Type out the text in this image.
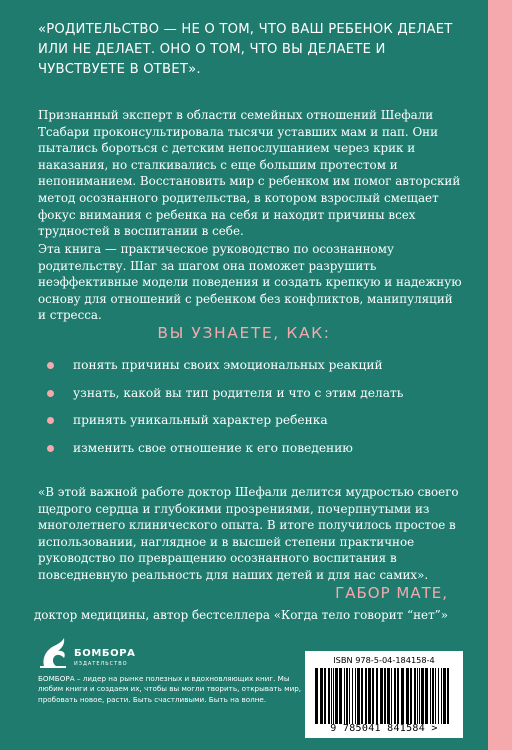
«РОДИТЕЛЬСТВО — НЕ О ТОМ, ЧТО ВАШ РЕБЕНОК ДЕЛАЕТ ИЛИ НЕ ДЕЛАЕТ. ОНО О ТОМ, ЧТО ВЫ ДЕЛАЕТЕ И ЧУВСТВУЕТЕ В ОТВЕТ».
Признанный эксперт в области семейных отношений Шефали Тсабари проконсультировала тысячи уставших мам и пап. Они пытались бороться с детским непослушанием через крик и наказания, но сталкивались с еще большим протестом и непониманием. Восстановить мир с ребенком им помог авторский метод осознанного родительства, в котором взрослый смещает фокус внимания с ребенка на себя и находит причины всех трудностей в воспитании в себе.
Эта книга — практическое руководство по осознанному родительству. Шаг за шагом она поможет разрушить неэффективные модели поведения и создать крепкую и надежную основу для отношений с ребенком без конфликтов, манипуляций и стресса.
ВЫ УЗНАЕТЕ, КАК:
понять причины своих эмоциональных реакций
узнать, какой вы тип родителя и что с этим делать
принять уникальный характер ребенка
изменить свое отношение к его поведению
«В этой важной работе доктор Шефали делится мудростью своего щедрого сердца и глубокими прозрениями, почерпнутыми из многолетнего клинического опыта. В итоге получилось простое в использовании, наглядное и в высшей степени практичное руководство по превращению осознанного воспитания в повседневную реальность для наших детей и для нас самих».
ГАБОР МАТЕ,
доктор медицины, автор бестселлера «Когда тело говорит “нет”»
БОМБОРА
ИЗДАТЕЛЬСТВО
БОМБОРА – лидер на рынке полезных и вдохновляющих книг. Мы любим книги и создаем их, чтобы вы могли творить, открывать мир, пробовать новое, расти. Быть счастливыми. Быть на волне.
ISBN 978-5-04-184158-4
9 785041 841584 >
